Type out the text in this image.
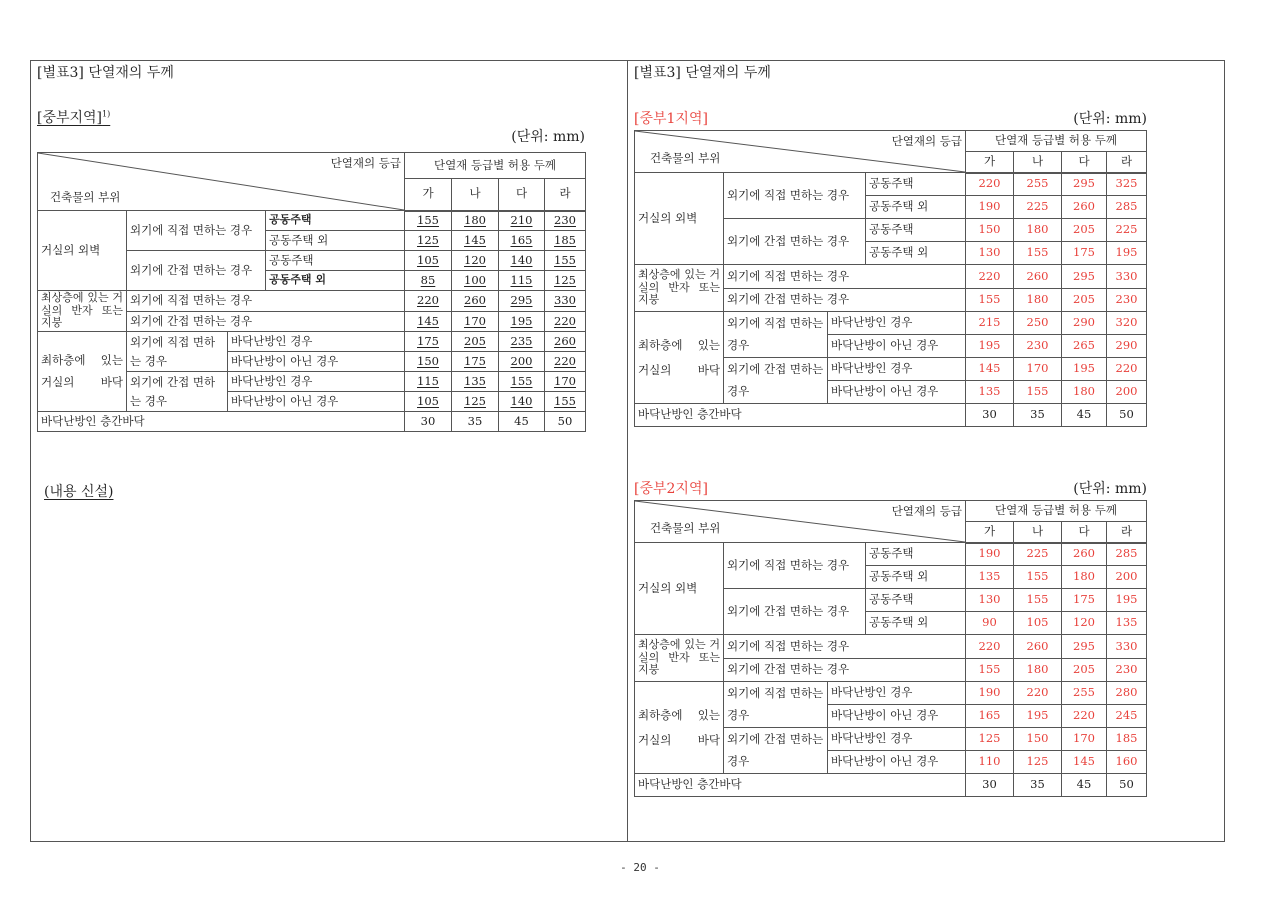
[별표3] 단열재의 두께
[중부지역]$^{1)}$
(단위: mm)
단열재의 등급
건축물의 부위				단열재 등급별 허용 두께			
				가	나	다	라
거실의 외벽	외기에 직접 면하는 경우		공동주택	155	180	210	230
			공동주택 외	125	145	165	185
	외기에 간접 면하는 경우		공동주택	105	120	140	155
			공동주택 외	85	100	115	125
최상층에 있는 거실의 반자 또는 지붕	외기에 직접 면하는 경우			220	260	295	330
	외기에 간접 면하는 경우			145	170	195	220
최하층에 있는 거실의 바닥	외기에 직접 면하는 경우	바닥난방인 경우		175	205	235	260
		바닥난방이 아닌 경우		150	175	200	220
	외기에 간접 면하는 경우	바닥난방인 경우		115	135	155	170
		바닥난방이 아닌 경우		105	125	140	155
바닥난방인 층간바닥				30	35	45	50
(내용 신설)
[별표3] 단열재의 두께
[중부1지역]	(단위: mm)
단열재의 등급
건축물의 부위				단열재 등급별 허용 두께			
				가	나	다	라
거실의 외벽	외기에 직접 면하는 경우		공동주택	220	255	295	325
			공동주택 외	190	225	260	285
	외기에 간접 면하는 경우		공동주택	150	180	205	225
			공동주택 외	130	155	175	195
최상층에 있는 거실의 반자 또는 지붕	외기에 직접 면하는 경우			220	260	295	330
	외기에 간접 면하는 경우			155	180	205	230
최하층에 있는 거실의 바닥	외기에 직접 면하는 경우	바닥난방인 경우		215	250	290	320
		바닥난방이 아닌 경우		195	230	265	290
	외기에 간접 면하는 경우	바닥난방인 경우		145	170	195	220
		바닥난방이 아닌 경우		135	155	180	200
바닥난방인 층간바닥				30	35	45	50
[중부2지역]	(단위: mm)
단열재의 등급
건축물의 부위				단열재 등급별 허용 두께			
				가	나	다	라
거실의 외벽	외기에 직접 면하는 경우		공동주택	190	225	260	285
			공동주택 외	135	155	180	200
	외기에 간접 면하는 경우		공동주택	130	155	175	195
			공동주택 외	90	105	120	135
최상층에 있는 거실의 반자 또는 지붕	외기에 직접 면하는 경우			220	260	295	330
	외기에 간접 면하는 경우			155	180	205	230
최하층에 있는 거실의 바닥	외기에 직접 면하는 경우	바닥난방인 경우		190	220	255	280
		바닥난방이 아닌 경우		165	195	220	245
	외기에 간접 면하는 경우	바닥난방인 경우		125	150	170	185
		바닥난방이 아닌 경우		110	125	145	160
바닥난방인 층간바닥				30	35	45	50
- 20 -
